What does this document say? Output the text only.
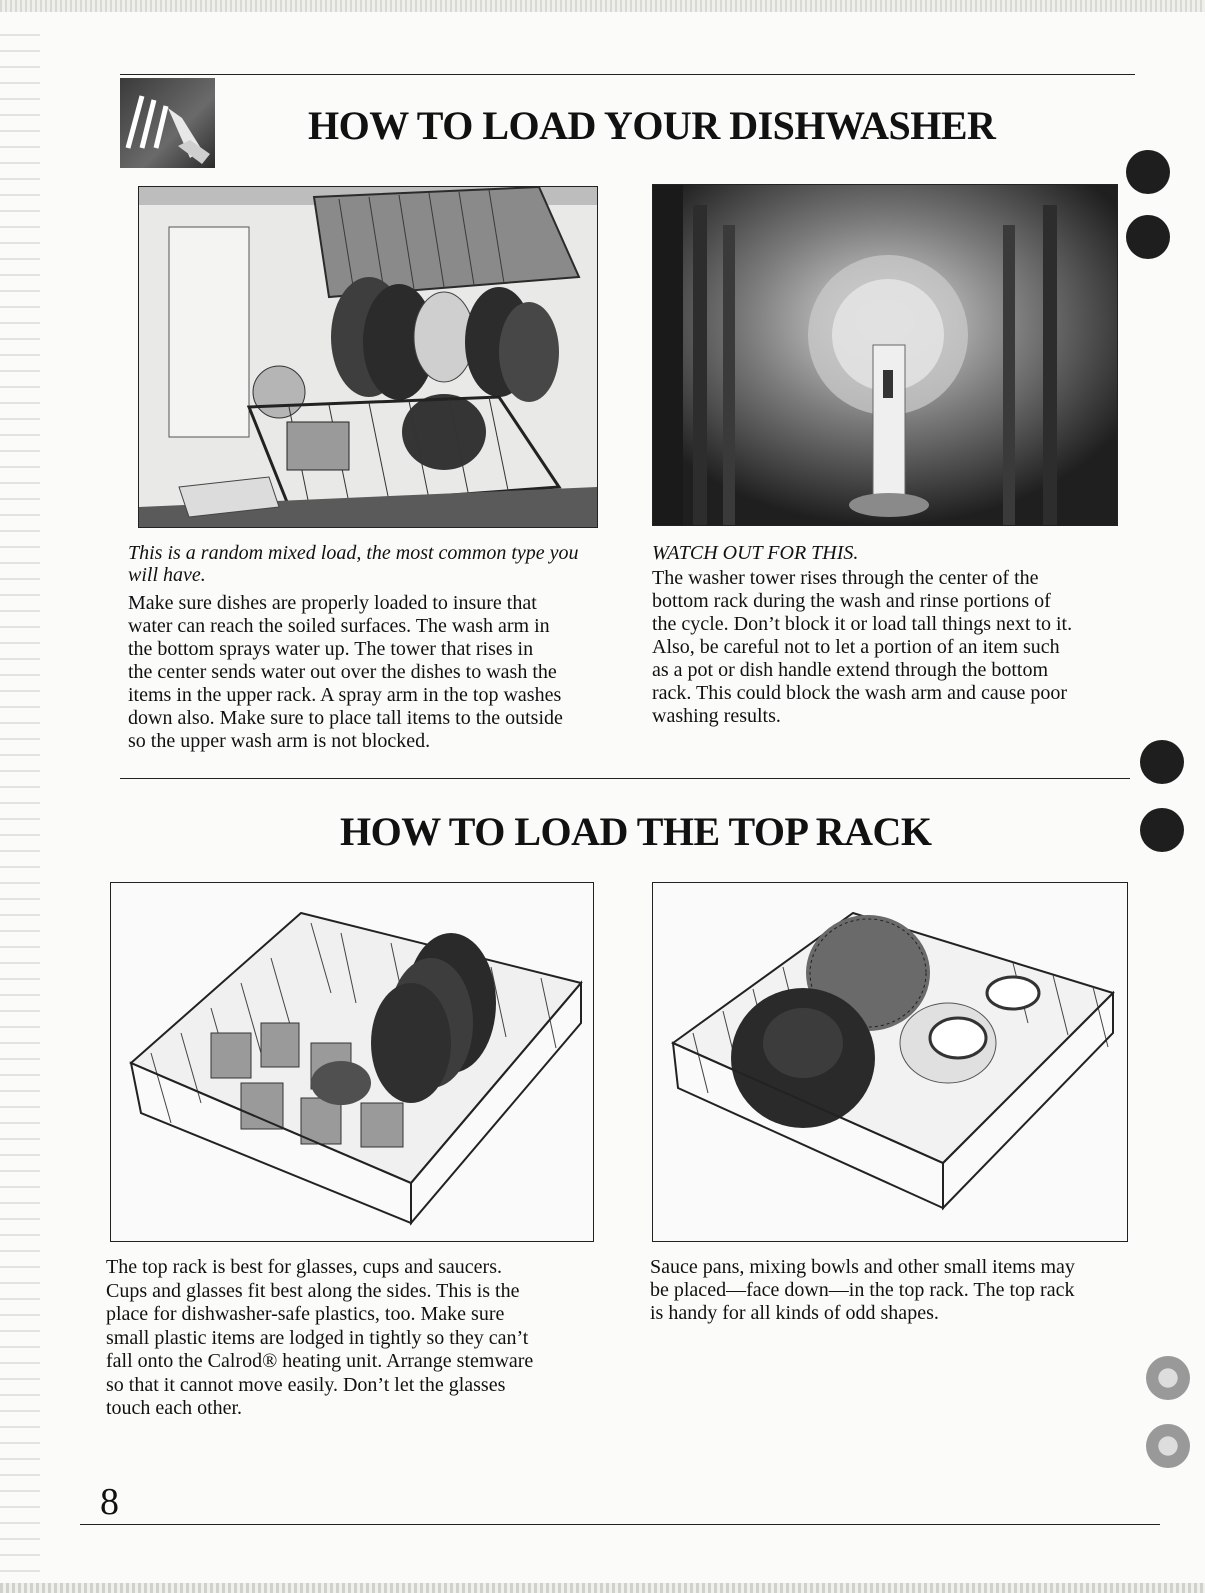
HOW TO LOAD YOUR DISHWASHER
This is a random mixed load, the most common type you will have.
Make sure dishes are properly loaded to insure that
water can reach the soiled surfaces. The wash arm in
the bottom sprays water up. The tower that rises in
the center sends water out over the dishes to wash the
items in the upper rack. A spray arm in the top washes
down also. Make sure to place tall items to the outside
so the upper wash arm is not blocked.
WATCH OUT FOR THIS.
The washer tower rises through the center of the
bottom rack during the wash and rinse portions of
the cycle. Don’t block it or load tall things next to it.
Also, be careful not to let a portion of an item such
as a pot or dish handle extend through the bottom
rack. This could block the wash arm and cause poor
washing results.
HOW TO LOAD THE TOP RACK
The top rack is best for glasses, cups and saucers.
Cups and glasses fit best along the sides. This is the
place for dishwasher-safe plastics, too. Make sure
small plastic items are lodged in tightly so they can’t
fall onto the Calrod® heating unit. Arrange stemware
so that it cannot move easily. Don’t let the glasses
touch each other.
Sauce pans, mixing bowls and other small items may
be placed—face down—in the top rack. The top rack
is handy for all kinds of odd shapes.
8
